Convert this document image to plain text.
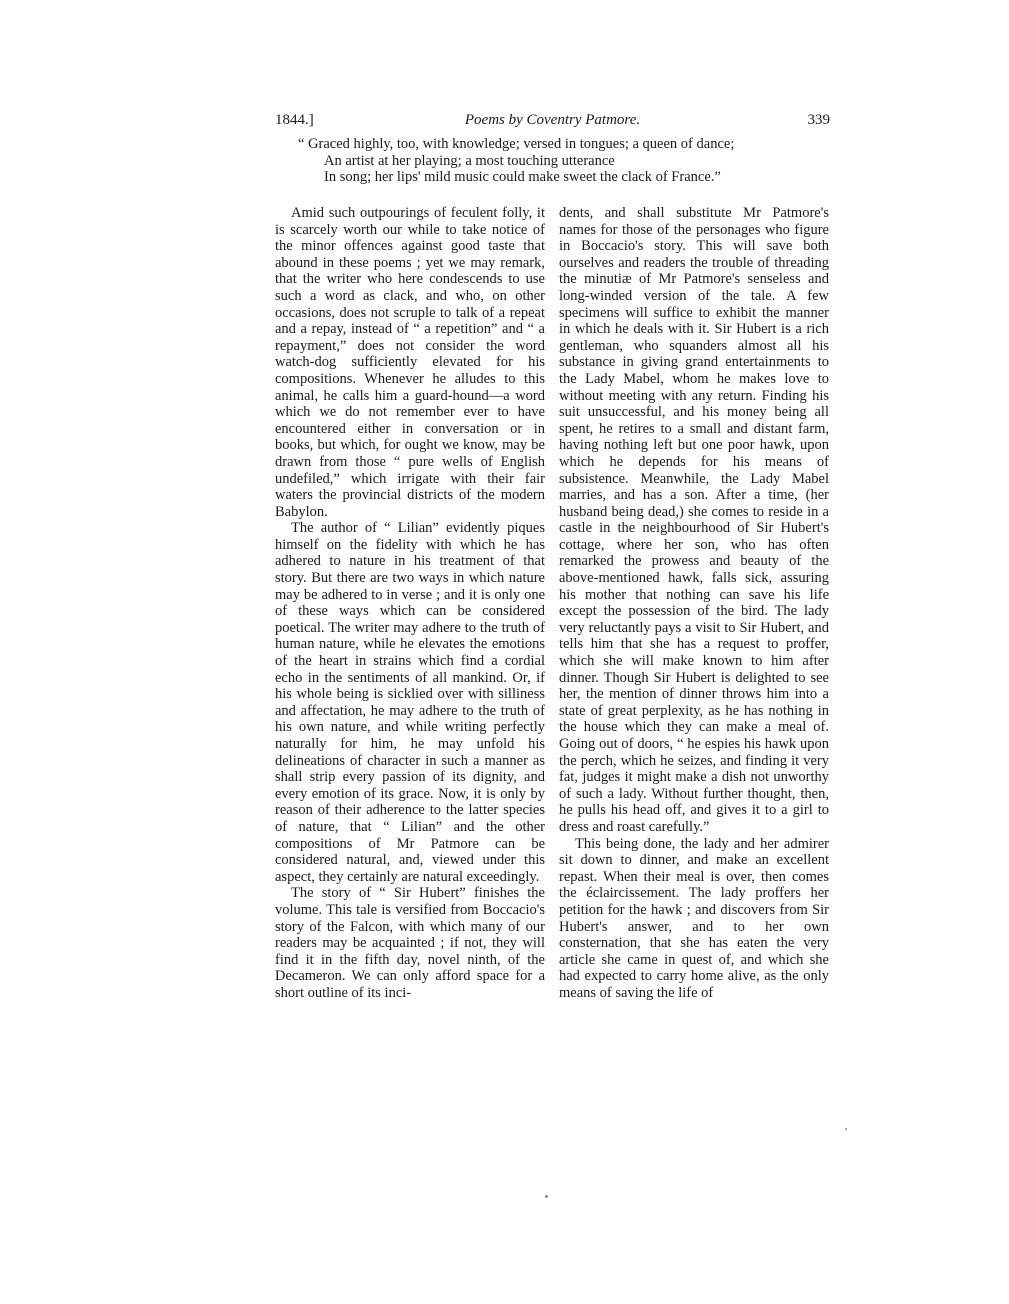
1844.]	Poems by Coventry Patmore.	339
“ Graced highly, too, with knowledge; versed in tongues; a queen of dance;
An artist at her playing; a most touching utterance
In song; her lips' mild music could make sweet the clack of France.”

Amid such outpourings of feculent folly, it is scarcely worth our while to take notice of the minor offences against good taste that abound in these poems ; yet we may remark, that the writer who here condescends to use such a word as clack, and who, on other occasions, does not scruple to talk of a repeat and a repay, instead of “ a repetition” and “ a repayment,” does not consider the word watch-dog sufficiently elevated for his compositions. Whenever he alludes to this animal, he calls him a guard-hound—a word which we do not remember ever to have encountered either in conversation or in books, but which, for ought we know, may be drawn from those “ pure wells of English undefiled,” which irrigate with their fair waters the provincial districts of the modern Babylon.

The author of “ Lilian” evidently piques himself on the fidelity with which he has adhered to nature in his treatment of that story. But there are two ways in which nature may be adhered to in verse ; and it is only one of these ways which can be considered poetical. The writer may adhere to the truth of human nature, while he elevates the emotions of the heart in strains which find a cordial echo in the sentiments of all mankind. Or, if his whole being is sicklied over with silliness and affectation, he may adhere to the truth of his own nature, and while writing perfectly naturally for him, he may unfold his delineations of character in such a manner as shall strip every passion of its dignity, and every emotion of its grace. Now, it is only by reason of their adherence to the latter species of nature, that “ Lilian” and the other compositions of Mr Patmore can be considered natural, and, viewed under this aspect, they certainly are natural exceedingly.

The story of “ Sir Hubert” finishes the volume. This tale is versified from Boccacio's story of the Falcon, with which many of our readers may be acquainted ; if not, they will find it in the fifth day, novel ninth, of the Decameron. We can only afford space for a short outline of its inci-

dents, and shall substitute Mr Patmore's names for those of the personages who figure in Boccacio's story. This will save both ourselves and readers the trouble of threading the minutiæ of Mr Patmore's senseless and long-winded version of the tale. A few specimens will suffice to exhibit the manner in which he deals with it. Sir Hubert is a rich gentleman, who squanders almost all his substance in giving grand entertainments to the Lady Mabel, whom he makes love to without meeting with any return. Finding his suit unsuccessful, and his money being all spent, he retires to a small and distant farm, having nothing left but one poor hawk, upon which he depends for his means of subsistence. Meanwhile, the Lady Mabel marries, and has a son. After a time, (her husband being dead,) she comes to reside in a castle in the neighbourhood of Sir Hubert's cottage, where her son, who has often remarked the prowess and beauty of the above-mentioned hawk, falls sick, assuring his mother that nothing can save his life except the possession of the bird. The lady very reluctantly pays a visit to Sir Hubert, and tells him that she has a request to proffer, which she will make known to him after dinner. Though Sir Hubert is delighted to see her, the mention of dinner throws him into a state of great perplexity, as he has nothing in the house which they can make a meal of. Going out of doors, “ he espies his hawk upon the perch, which he seizes, and finding it very fat, judges it might make a dish not unworthy of such a lady. Without further thought, then, he pulls his head off, and gives it to a girl to dress and roast carefully.”

This being done, the lady and her admirer sit down to dinner, and make an excellent repast. When their meal is over, then comes the éclaircissement. The lady proffers her petition for the hawk ; and discovers from Sir Hubert's answer, and to her own consternation, that she has eaten the very article she came in quest of, and which she had expected to carry home alive, as the only means of saving the life of
